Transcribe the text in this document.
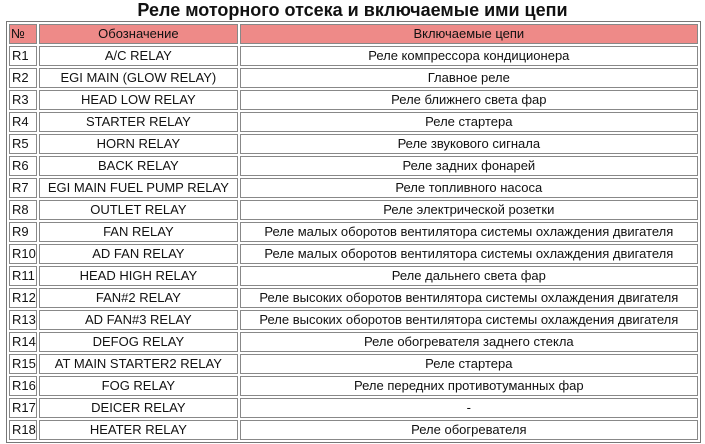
Реле моторного отсека и включаемые ими цепи
№	Обозначение	Включаемые цепи
R1	A/C RELAY	Реле компрессора кондиционера
R2	EGI MAIN (GLOW RELAY)	Главное реле
R3	HEAD LOW RELAY	Реле ближнего света фар
R4	STARTER RELAY	Реле стартера
R5	HORN RELAY	Реле звукового сигнала
R6	BACK RELAY	Реле задних фонарей
R7	EGI MAIN FUEL PUMP RELAY	Реле топливного насоса
R8	OUTLET RELAY	Реле электрической розетки
R9	FAN RELAY	Реле малых оборотов вентилятора системы охлаждения двигателя
R10	AD FAN RELAY	Реле малых оборотов вентилятора системы охлаждения двигателя
R11	HEAD HIGH RELAY	Реле дальнего света фар
R12	FAN#2 RELAY	Реле высоких оборотов вентилятора системы охлаждения двигателя
R13	AD FAN#3 RELAY	Реле высоких оборотов вентилятора системы охлаждения двигателя
R14	DEFOG RELAY	Реле обогревателя заднего стекла
R15	AT MAIN STARTER2 RELAY	Реле стартера
R16	FOG RELAY	Реле передних противотуманных фар
R17	DEICER RELAY	-
R18	HEATER RELAY	Реле обогревателя
